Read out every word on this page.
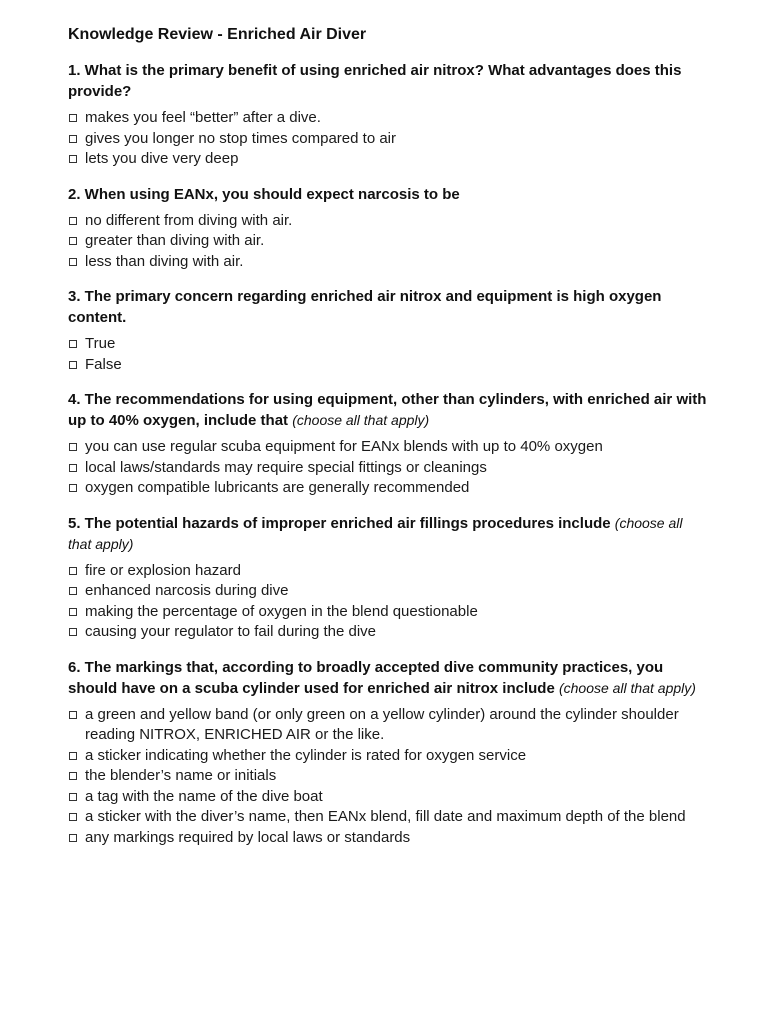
Knowledge Review - Enriched Air Diver

1. What is the primary benefit of using enriched air nitrox? What advantages does this provide?

makes you feel “better” after a dive.
gives you longer no stop times compared to air
lets you dive very deep

2. When using EANx, you should expect narcosis to be

no different from diving with air.
greater than diving with air.
less than diving with air.

3. The primary concern regarding enriched air nitrox and equipment is high oxygen content.

True
False

4. The recommendations for using equipment, other than cylinders, with enriched air with up to 40% oxygen, include that (choose all that apply)

you can use regular scuba equipment for EANx blends with up to 40% oxygen
local laws/standards may require special fittings or cleanings
oxygen compatible lubricants are generally recommended

5. The potential hazards of improper enriched air fillings procedures include (choose all that apply)

fire or explosion hazard
enhanced narcosis during dive
making the percentage of oxygen in the blend questionable
causing your regulator to fail during the dive

6. The markings that, according to broadly accepted dive community practices, you should have on a scuba cylinder used for enriched air nitrox include (choose all that apply)

a green and yellow band (or only green on a yellow cylinder) around the cylinder shoulder reading NITROX, ENRICHED AIR or the like.
a sticker indicating whether the cylinder is rated for oxygen service
the blender’s name or initials
a tag with the name of the dive boat
a sticker with the diver’s name, then EANx blend, fill date and maximum depth of the blend
any markings required by local laws or standards
